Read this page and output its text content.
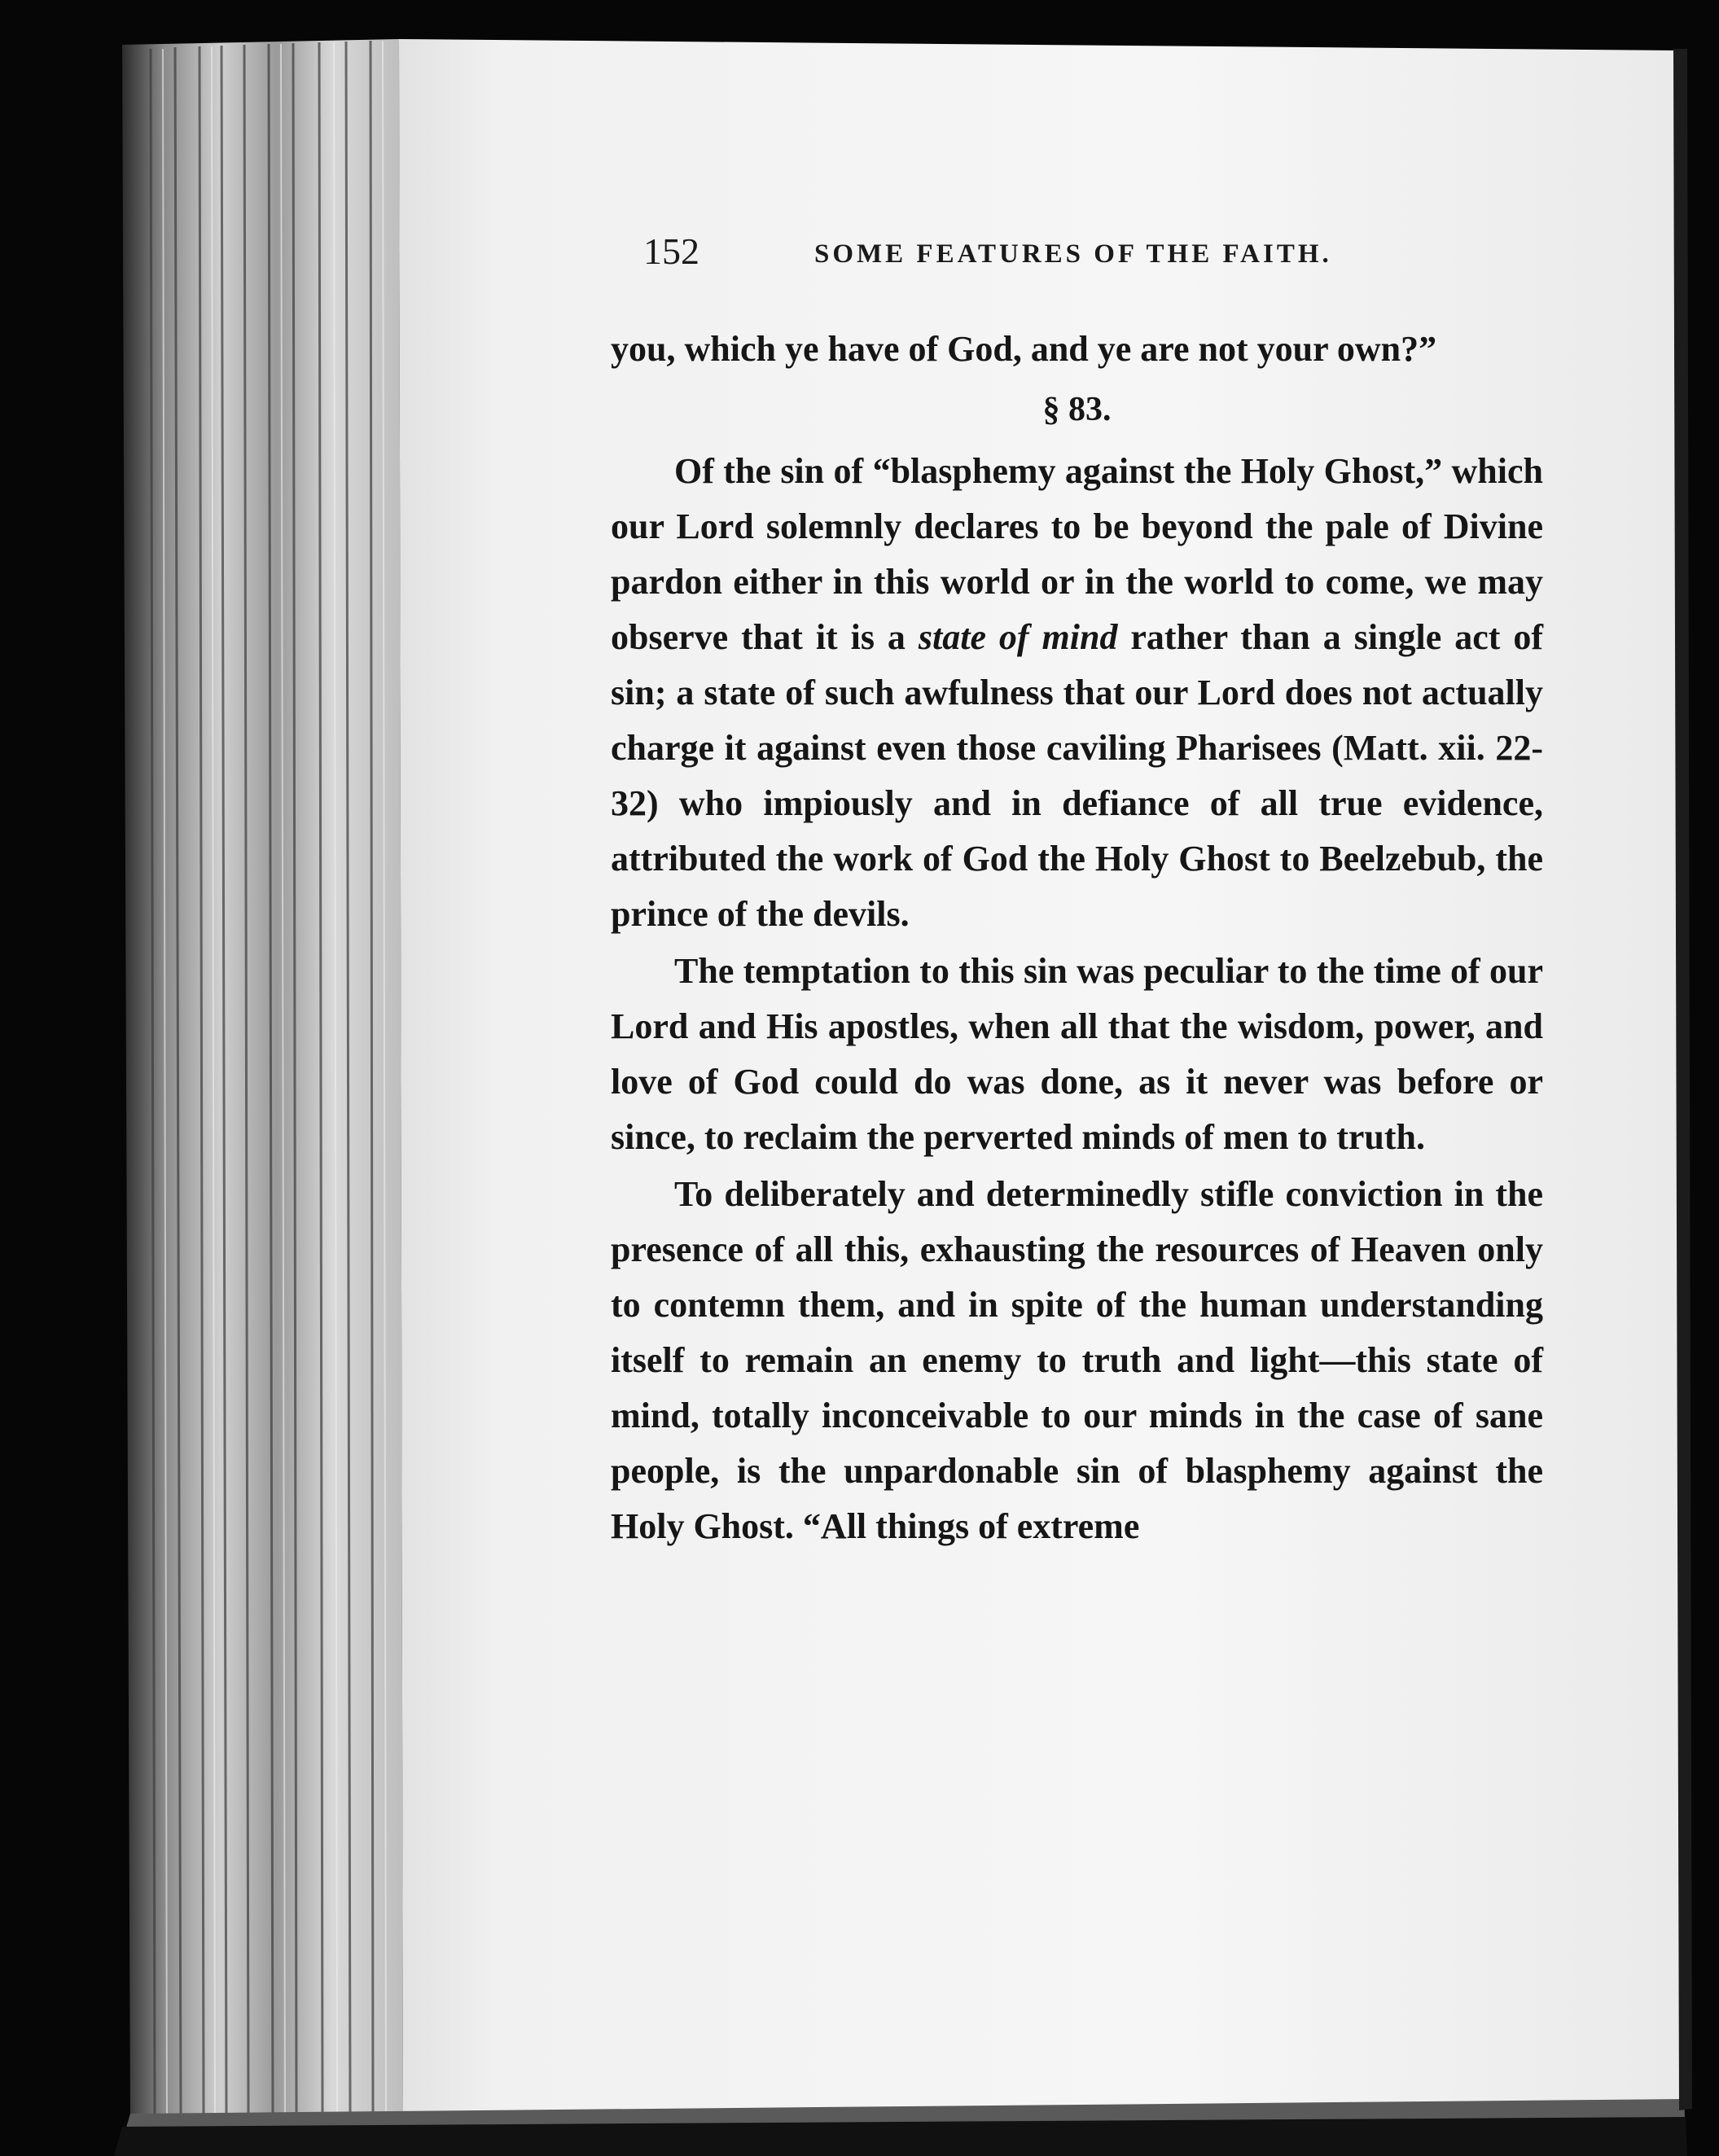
152	SOME FEATURES OF THE FAITH.

you, which ye have of God, and ye are not your own?”

§ 83.

Of the sin of “blasphemy against the Holy Ghost,” which our Lord solemnly declares to be beyond the pale of Divine pardon either in this world or in the world to come, we may observe that it is a state of mind rather than a single act of sin; a state of such awfulness that our Lord does not actually charge it against even those caviling Pharisees (Matt. xii. 22-32) who impiously and in defiance of all true evidence, attributed the work of God the Holy Ghost to Beelzebub, the prince of the devils.

The temptation to this sin was peculiar to the time of our Lord and His apostles, when all that the wisdom, power, and love of God could do was done, as it never was before or since, to reclaim the perverted minds of men to truth.

To deliberately and determinedly stifle conviction in the presence of all this, exhausting the resources of Heaven only to contemn them, and in spite of the human understanding itself to remain an enemy to truth and light—this state of mind, totally inconceivable to our minds in the case of sane people, is the unpardonable sin of blasphemy against the Holy Ghost. “All things of extreme
